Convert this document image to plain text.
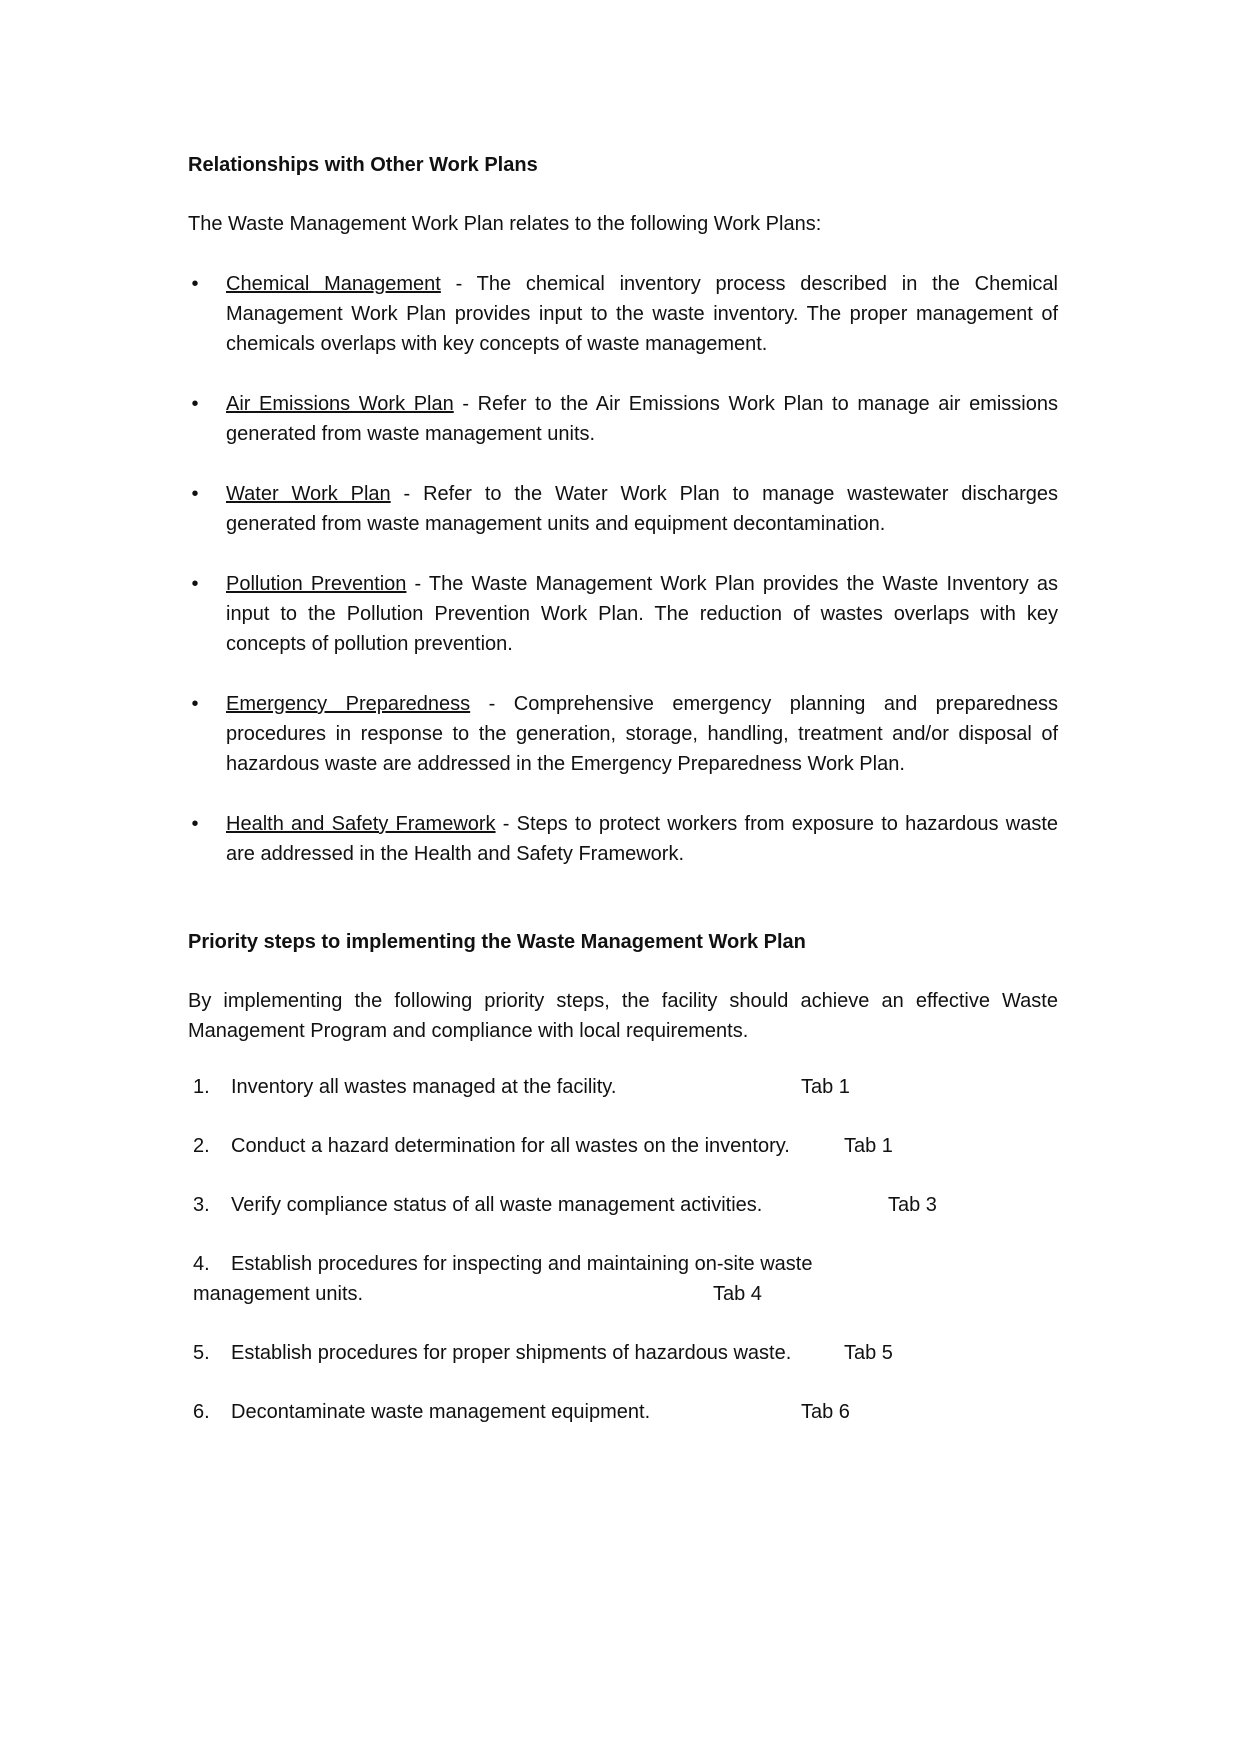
Relationships with Other Work Plans

The Waste Management Work Plan relates to the following Work Plans:

• Chemical Management - The chemical inventory process described in the Chemical Management Work Plan provides input to the waste inventory. The proper management of chemicals overlaps with key concepts of waste management.
• Air Emissions Work Plan - Refer to the Air Emissions Work Plan to manage air emissions generated from waste management units.
• Water Work Plan - Refer to the Water Work Plan to manage wastewater discharges generated from waste management units and equipment decontamination.
• Pollution Prevention - The Waste Management Work Plan provides the Waste Inventory as input to the Pollution Prevention Work Plan. The reduction of wastes overlaps with key concepts of pollution prevention.
• Emergency Preparedness - Comprehensive emergency planning and preparedness procedures in response to the generation, storage, handling, treatment and/or disposal of hazardous waste are addressed in the Emergency Preparedness Work Plan.
• Health and Safety Framework - Steps to protect workers from exposure to hazardous waste are addressed in the Health and Safety Framework.
Priority steps to implementing the Waste Management Work Plan

By implementing the following priority steps, the facility should achieve an effective Waste Management Program and compliance with local requirements.

1. Inventory all wastes managed at the facility.	Tab 1
2. Conduct a hazard determination for all wastes on the inventory.	Tab 1
3. Verify compliance status of all waste management activities.	Tab 3
4. Establish procedures for inspecting and maintaining on-site waste
management units.	Tab 4
5. Establish procedures for proper shipments of hazardous waste.	Tab 5
6. Decontaminate waste management equipment.	Tab 6
